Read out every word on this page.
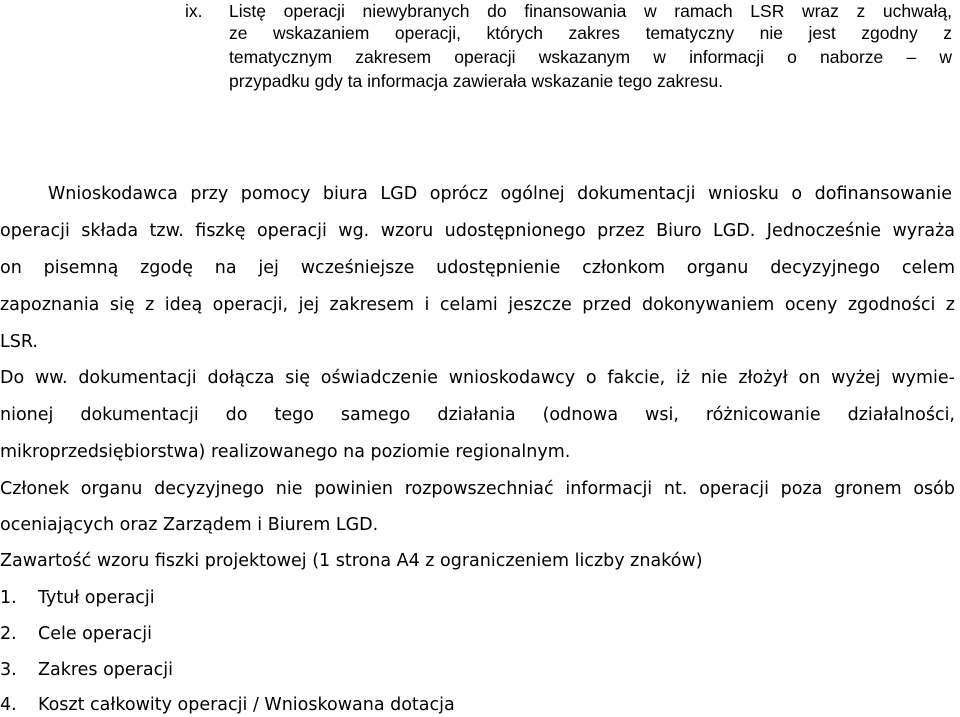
ix. Listę operacji niewybranych do finansowania w ramach LSR wraz z uchwałą,

ze wskazaniem operacji, których zakres tematyczny nie jest zgodny z

tematycznym zakresem operacji wskazanym w informacji o naborze – w

przypadku gdy ta informacja zawierała wskazanie tego zakresu.

Wnioskodawca przy pomocy biura LGD oprócz ogólnej dokumentacji wniosku o dofinansowanie

operacji składa tzw. fiszkę operacji wg. wzoru udostępnionego przez Biuro LGD. Jednocześnie wyraża

on pisemną zgodę na jej wcześniejsze udostępnienie członkom organu decyzyjnego celem

zapoznania się z ideą operacji, jej zakresem i celami jeszcze przed dokonywaniem oceny zgodności z

LSR.

Do ww. dokumentacji dołącza się oświadczenie wnioskodawcy o fakcie, iż nie złożył on wyżej wymie-

nionej dokumentacji do tego samego działania (odnowa wsi, różnicowanie działalności,

mikroprzedsiębiorstwa) realizowanego na poziomie regionalnym.

Członek organu decyzyjnego nie powinien rozpowszechniać informacji nt. operacji poza gronem osób

oceniających oraz Zarządem i Biurem LGD.

Zawartość wzoru fiszki projektowej (1 strona A4 z ograniczeniem liczby znaków)

1. Tytuł operacji
2. Cele operacji
3. Zakres operacji
4. Koszt całkowity operacji / Wnioskowana dotacja
